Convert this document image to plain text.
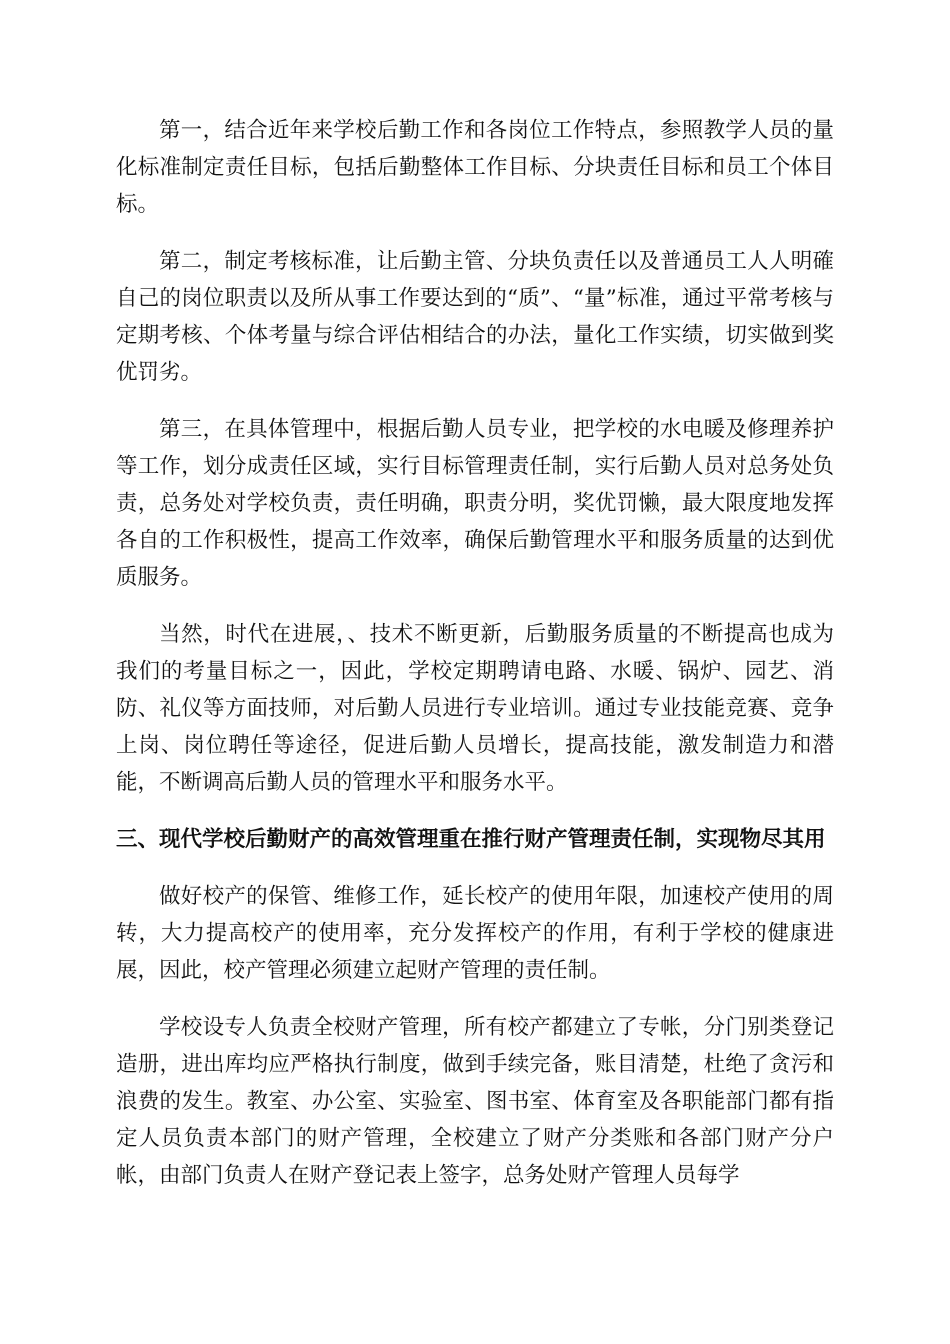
第一，结合近年来学校后勤工作和各岗位工作特点，参照教学人员的量化标准制定责任目标，包括后勤整体工作目标、分块责任目标和员工个体目标。

第二，制定考核标准，让后勤主管、分块负责任以及普通员工人人明確自己的岗位职责以及所从事工作要达到的“质”、“量”标准，通过平常考核与定期考核、个体考量与综合评估相结合的办法，量化工作实绩，切实做到奖优罚劣。

第三，在具体管理中，根据后勤人员专业，把学校的水电暖及修理养护等工作，划分成责任区域，实行目标管理责任制，实行后勤人员对总务处负责，总务处对学校负责，责任明确，职责分明，奖优罚懒，最大限度地发挥各自的工作积极性，提高工作效率，确保后勤管理水平和服务质量的达到优质服务。

当然，时代在进展，、技术不断更新，后勤服务质量的不断提高也成为我们的考量目标之一，因此，学校定期聘请电路、水暖、锅炉、园艺、消防、礼仪等方面技师，对后勤人员进行专业培训。通过专业技能竞赛、竞争上岗、岗位聘任等途径，促进后勤人员增长，提高技能，激发制造力和潜能，不断调高后勤人员的管理水平和服务水平。

三、现代学校后勤财产的高效管理重在推行财产管理责任制，实现物尽其用

做好校产的保管、维修工作，延长校产的使用年限，加速校产使用的周转，大力提高校产的使用率，充分发挥校产的作用，有利于学校的健康进展，因此，校产管理必须建立起财产管理的责任制。

学校设专人负责全校财产管理，所有校产都建立了专帐，分门别类登记造册，进出库均应严格执行制度，做到手续完备，账目清楚，杜绝了贪污和浪费的发生。教室、办公室、实验室、图书室、体育室及各职能部门都有指定人员负责本部门的财产管理，全校建立了财产分类账和各部门财产分户帐，由部门负责人在财产登记表上签字，总务处财产管理人员每学
